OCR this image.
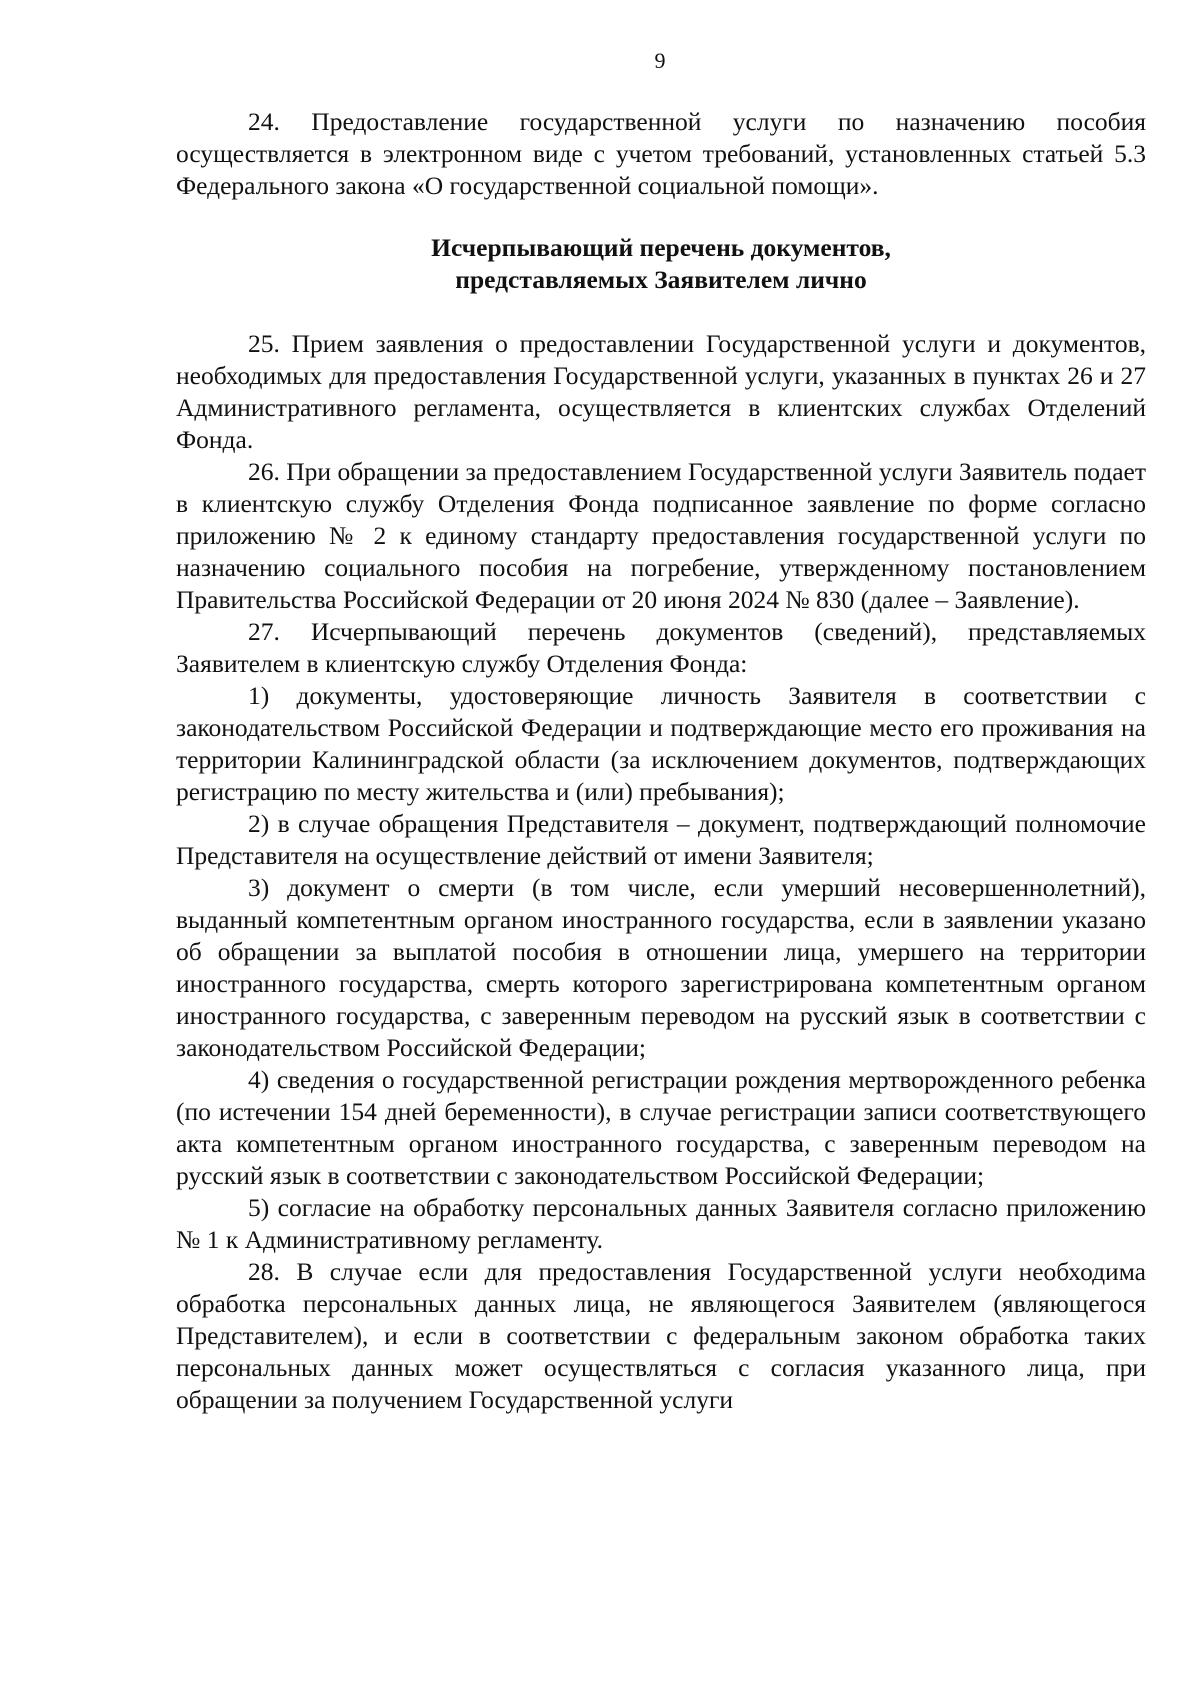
9

24. Предоставление государственной услуги по назначению пособия осуществляется в электронном виде с учетом требований, установленных статьей 5.3 Федерального закона «О государственной социальной помощи».

Исчерпывающий перечень документов,
представляемых Заявителем лично

25. Прием заявления о предоставлении Государственной услуги и документов, необходимых для предоставления Государственной услуги, указанных в пунктах 26 и 27 Административного регламента, осуществляется в клиентских службах Отделений Фонда.

26. При обращении за предоставлением Государственной услуги Заявитель подает в клиентскую службу Отделения Фонда подписанное заявление по форме согласно приложению № 2 к единому стандарту предоставления государственной услуги по назначению социального пособия на погребение, утвержденному постановлением Правительства Российской Федерации от 20 июня 2024 № 830 (далее – Заявление).

27. Исчерпывающий перечень документов (сведений), представляемых Заявителем в клиентскую службу Отделения Фонда:

1) документы, удостоверяющие личность Заявителя в соответствии с законодательством Российской Федерации и подтверждающие место его проживания на территории Калининградской области (за исключением документов, подтверждающих регистрацию по месту жительства и (или) пребывания);

2) в случае обращения Представителя – документ, подтверждающий полномочие Представителя на осуществление действий от имени Заявителя;

3) документ о смерти (в том числе, если умерший несовершеннолетний), выданный компетентным органом иностранного государства, если в заявлении указано об обращении за выплатой пособия в отношении лица, умершего на территории иностранного государства, смерть которого зарегистрирована компетентным органом иностранного государства, с заверенным переводом на русский язык в соответствии с законодательством Российской Федерации;

4) сведения о государственной регистрации рождения мертворожденного ребенка (по истечении 154 дней беременности), в случае регистрации записи соответствующего акта компетентным органом иностранного государства, с заверенным переводом на русский язык в соответствии с законодательством Российской Федерации;

5) согласие на обработку персональных данных Заявителя согласно приложению № 1 к Административному регламенту.

28. В случае если для предоставления Государственной услуги необходима обработка персональных данных лица, не являющегося Заявителем (являющегося Представителем), и если в соответствии с федеральным законом обработка таких персональных данных может осуществляться с согласия указанного лица, при обращении за получением Государственной услуги
